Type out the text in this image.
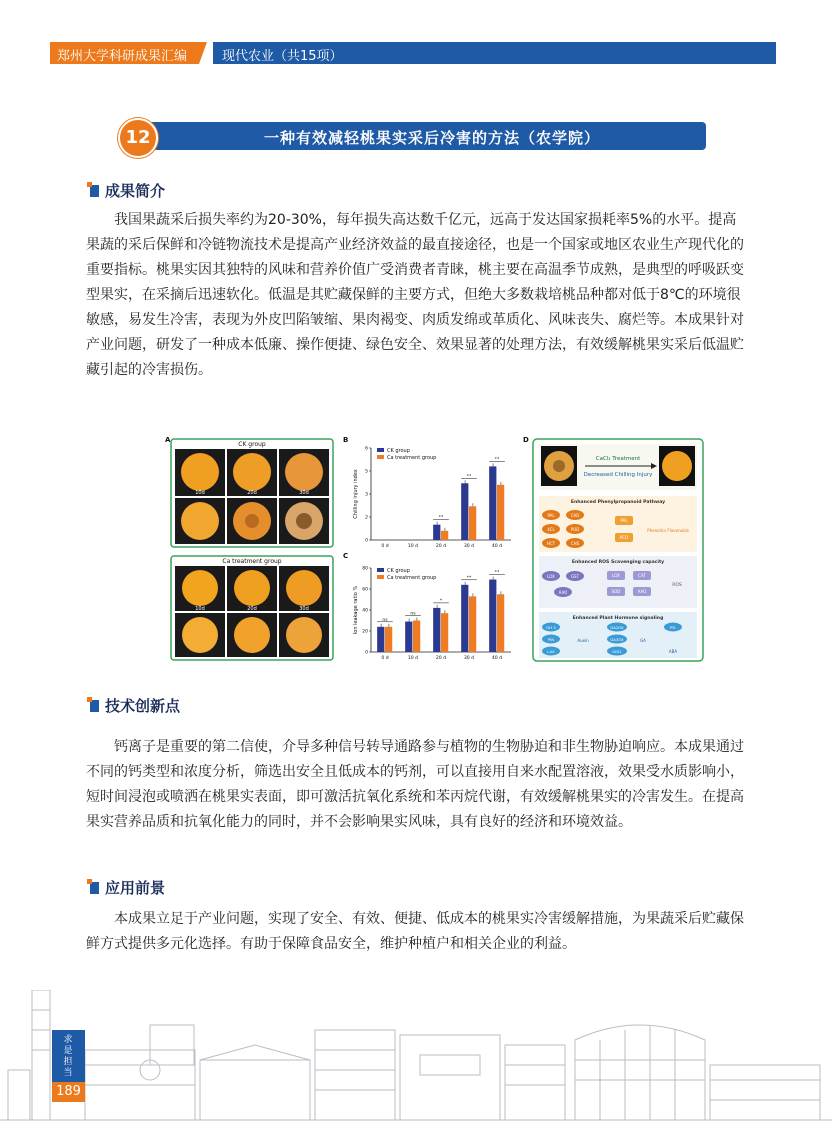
郑州大学科研成果汇编	现代农业（共15项）
12	一种有效减轻桃果实采后冷害的方法（农学院）
成果简介

我国果蔬采后损失率约为20-30%，每年损失高达数千亿元，远高于发达国家损耗率5%的水平。提高果蔬的采后保鲜和冷链物流技术是提高产业经济效益的最直接途径，也是一个国家或地区农业生产现代化的重要指标。桃果实因其独特的风味和营养价值广受消费者青睐，桃主要在高温季节成熟，是典型的呼吸跃变型果实，在采摘后迅速软化。低温是其贮藏保鲜的主要方式，但绝大多数栽培桃品种都对低于8℃的环境很敏感，易发生冷害，表现为外皮凹陷皱缩、果肉褐变、肉质发绵或革质化、风味丧失、腐烂等。本成果针对产业问题，研发了一种成本低廉、操作便捷、绿色安全、效果显著的处理方法，有效缓解桃果实采后低温贮藏引起的冷害损伤。

A
CK group
10d	20d	30d
Ca treatment group
10d	20d	30d
B
Chilling injury index
0
2
3
5
6
0 d	10 d	20 d	30 d	40 d
**
**
**
CK group
Ca treatment group
C
Ion leakage ratio %
0
20
40
60
80
0 d	10 d	20 d	30 d	40 d
ns
ns
*
**
**
CK group
Ca treatment group
D
CaCl₂ Treatment
Decreased Chilling Injury
Enhanced Phenylpropanoid Pathway
PAL	CAD
4CL	POD
HCT	CHS
PAL
PCO
Phenolics Flavonoids
Enhanced ROS Scavenging capacity
LOX	GST
AAO
LOX
SOD
CAT
AAO
ROS
Enhanced Plant Hormone signaling
GH 3
PIN
LAX
GA2OX
GA3OX
GID1
PYL
Auxin	GA
ABA
技术创新点

钙离子是重要的第二信使，介导多种信号转导通路参与植物的生物胁迫和非生物胁迫响应。本成果通过不同的钙类型和浓度分析，筛选出安全且低成本的钙剂，可以直接用自来水配置溶液，效果受水质影响小，短时间浸泡或喷洒在桃果实表面，即可激活抗氧化系统和苯丙烷代谢，有效缓解桃果实的冷害发生。在提高果实营养品质和抗氧化能力的同时，并不会影响果实风味，具有良好的经济和环境效益。

应用前景

本成果立足于产业问题，实现了安全、有效、便捷、低成本的桃果实冷害缓解措施，为果蔬采后贮藏保鲜方式提供多元化选择。有助于保障食品安全，维护种植户和相关企业的利益。

求是担当
189
